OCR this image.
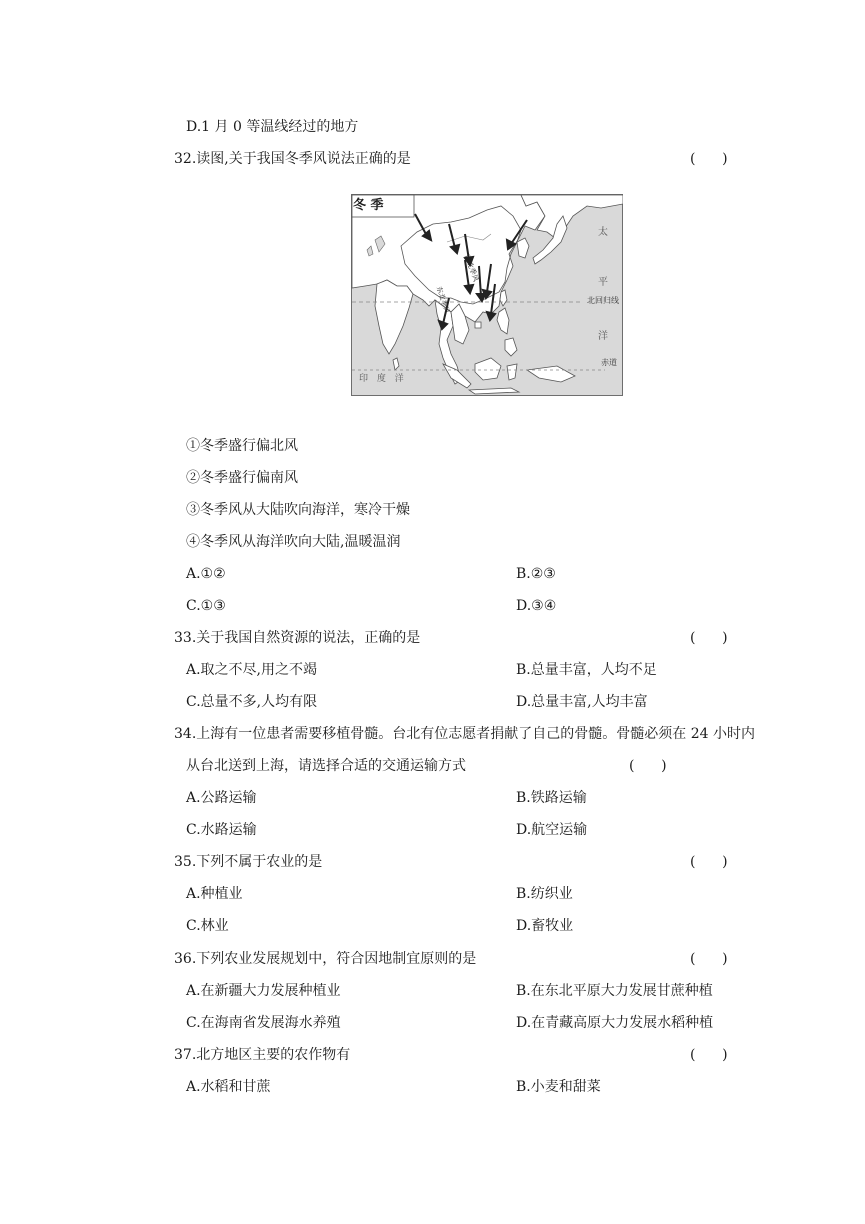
D.1 月 0 等温线经过的地方
32.读图,关于我国冬季风说法正确的是	(      )
冬 季
太
平
北回归线
洋
赤道
印 度 洋
西北季风
东北季风
①冬季盛行偏北风
②冬季盛行偏南风
③冬季风从大陆吹向海洋，寒冷干燥
④冬季风从海洋吹向大陆,温暖温润
A.①②	B.②③
C.①③	D.③④
33.关于我国自然资源的说法，正确的是	(      )
A.取之不尽,用之不竭	B.总量丰富，人均不足
C.总量不多,人均有限	D.总量丰富,人均丰富
34.上海有一位患者需要移植骨髓。台北有位志愿者捐献了自己的骨髓。骨髓必须在 24 小时内
从台北送到上海，请选择合适的交通运输方式	(      )
A.公路运输	B.铁路运输
C.水路运输	D.航空运输
35.下列不属于农业的是	(      )
A.种植业	B.纺织业
C.林业	D.畜牧业
36.下列农业发展规划中，符合因地制宜原则的是	(      )
A.在新疆大力发展种植业	B.在东北平原大力发展甘蔗种植
C.在海南省发展海水养殖	D.在青藏高原大力发展水稻种植
37.北方地区主要的农作物有	(      )
A.水稻和甘蔗	B.小麦和甜菜
